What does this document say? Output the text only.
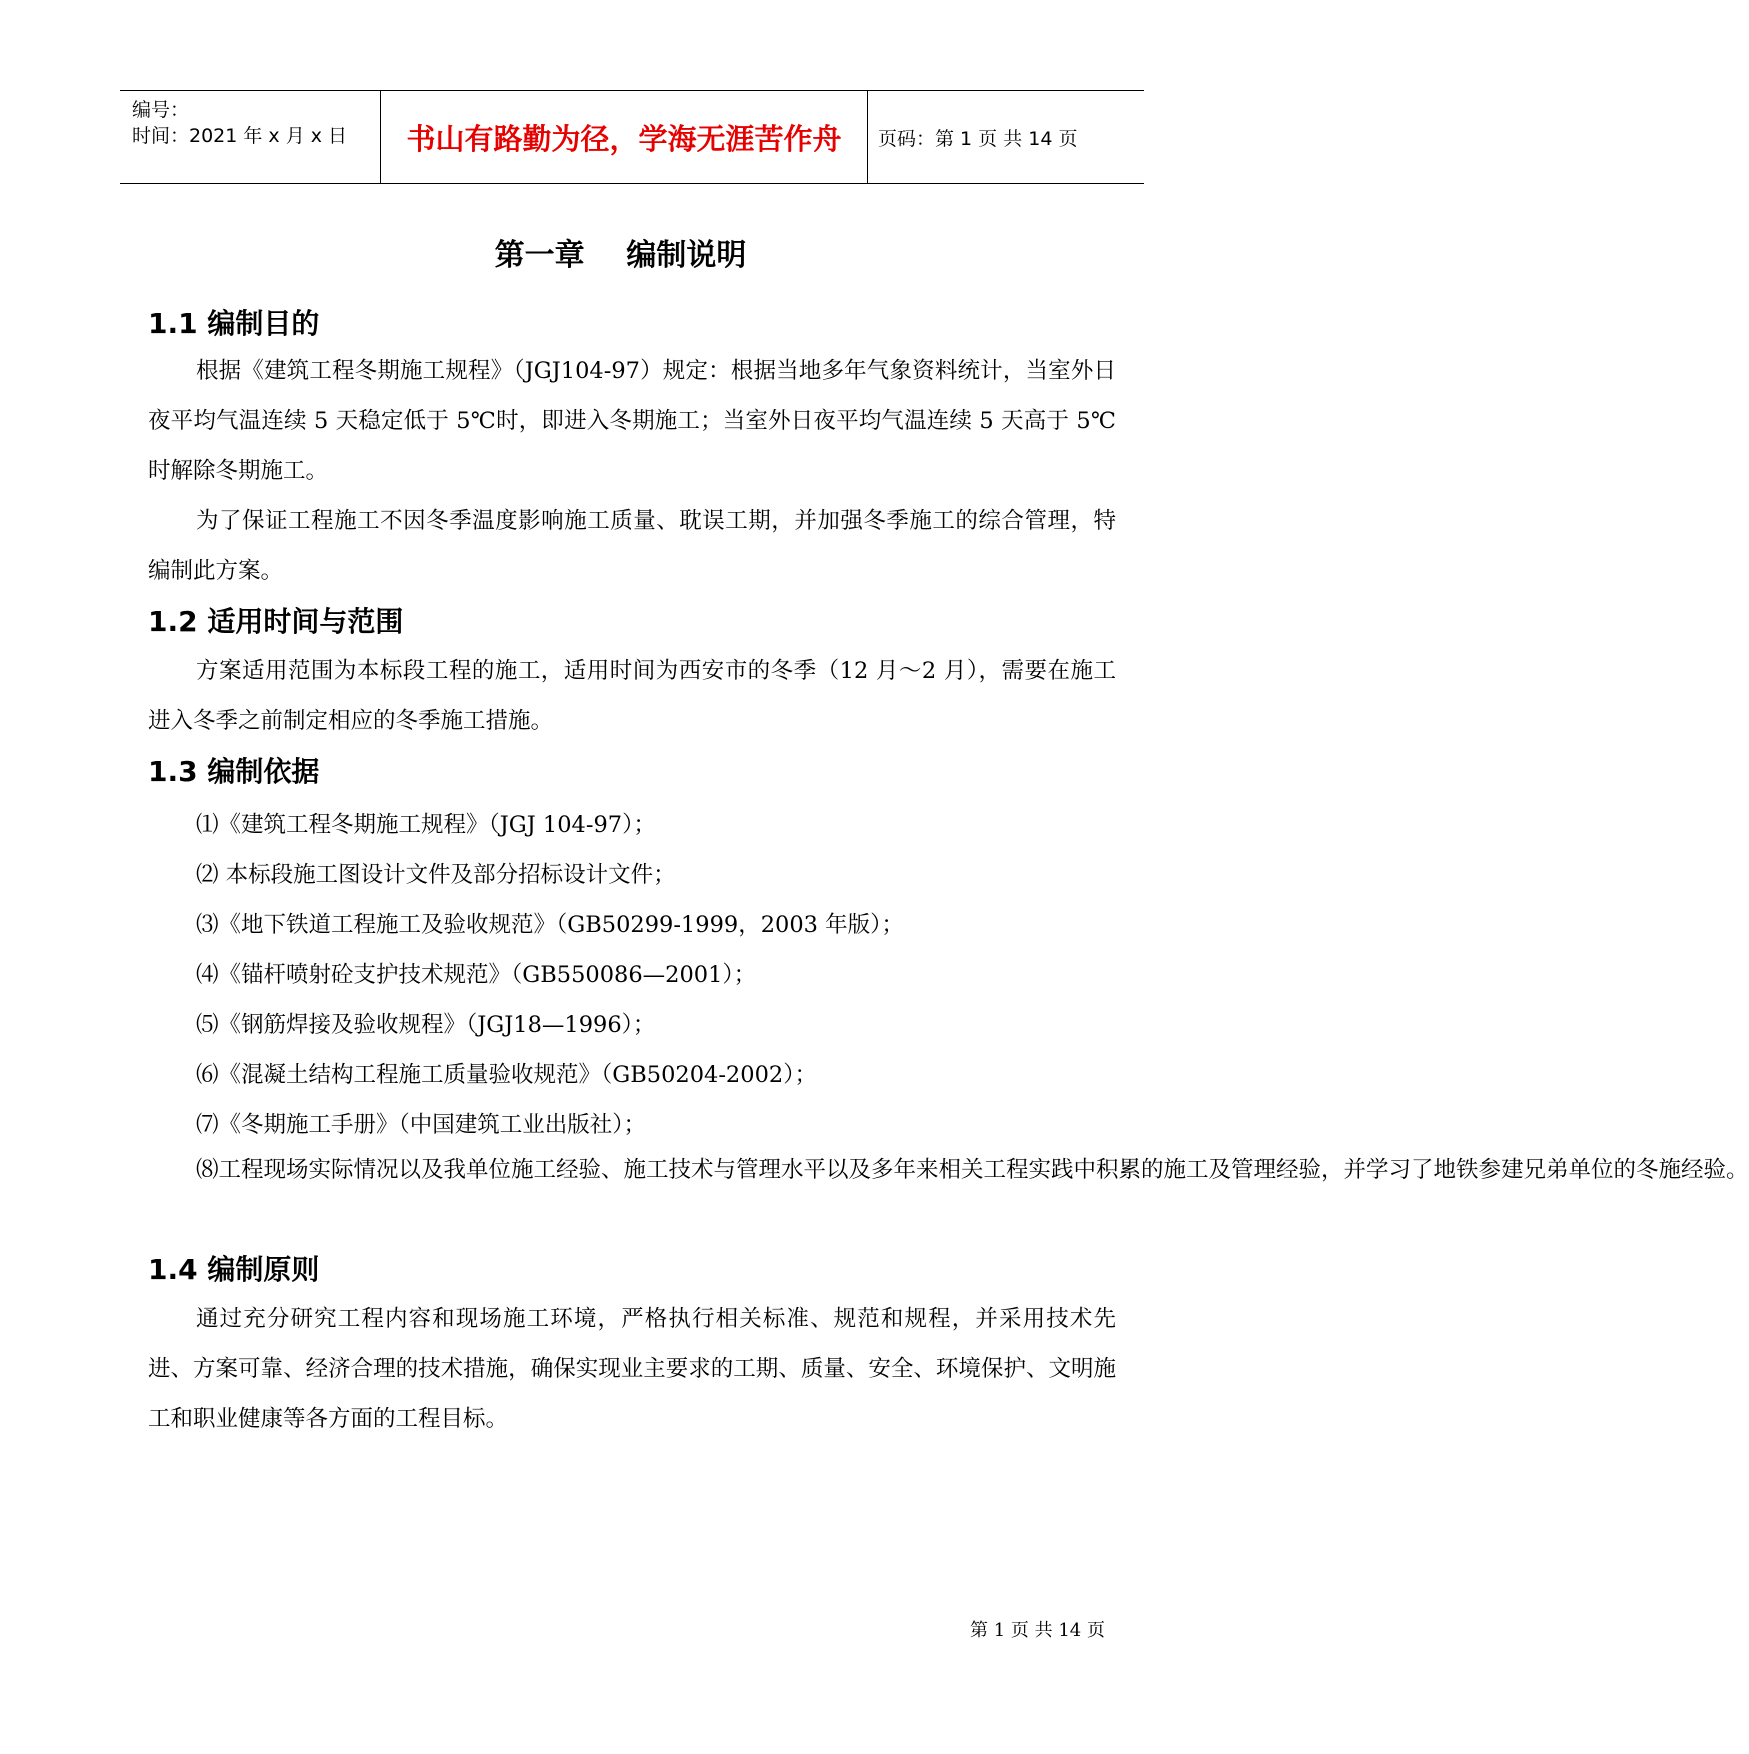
编号：
时间：2021 年 x 月 x 日 书山有路勤为径，学海无涯苦作舟 页码：第 1 页 共 14 页
第一章    编制说明
1.1 编制目的
根据《建筑工程冬期施工规程》（JGJ104-97）规定：根据当地多年气象资料统计，当室外日夜平均气温连续 5 天稳定低于 5℃时，即进入冬期施工；当室外日夜平均气温连续 5 天高于 5℃时解除冬期施工。
为了保证工程施工不因冬季温度影响施工质量、耽误工期，并加强冬季施工的综合管理，特编制此方案。
1.2 适用时间与范围
方案适用范围为本标段工程的施工，适用时间为西安市的冬季（12 月～2 月），需要在施工进入冬季之前制定相应的冬季施工措施。
1.3 编制依据
⑴《建筑工程冬期施工规程》（JGJ 104-97）；
⑵ 本标段施工图设计文件及部分招标设计文件；
⑶《地下铁道工程施工及验收规范》（GB50299-1999，2003 年版）；
⑷《锚杆喷射砼支护技术规范》（GB550086—2001）；
⑸《钢筋焊接及验收规程》（JGJ18—1996）；
⑹《混凝土结构工程施工质量验收规范》（GB50204-2002）；
⑺《冬期施工手册》（中国建筑工业出版社）；
⑻工程现场实际情况以及我单位施工经验、施工技术与管理水平以及多年来相关工程实践中积累的施工及管理经验，并学习了地铁参建兄弟单位的冬施经验。
1.4 编制原则
通过充分研究工程内容和现场施工环境，严格执行相关标准、规范和规程，并采用技术先进、方案可靠、经济合理的技术措施，确保实现业主要求的工期、质量、安全、环境保护、文明施工和职业健康等各方面的工程目标。
第 1 页 共 14 页
